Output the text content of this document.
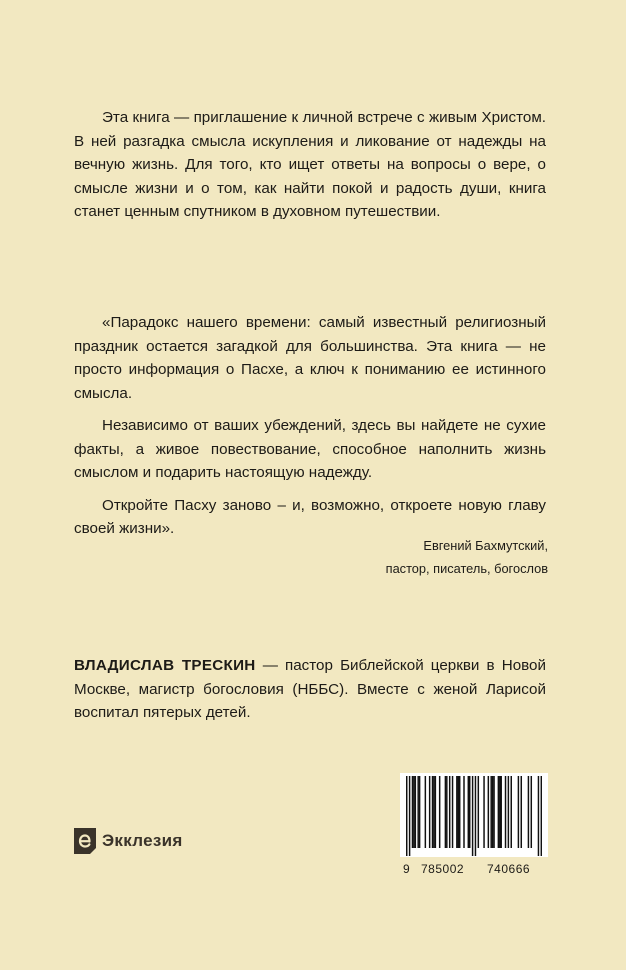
Эта книга — приглашение к личной встрече с живым Христом. В ней разгадка смысла искупления и ликование от надежды на вечную жизнь. Для того, кто ищет ответы на вопросы о вере, о смысле жизни и о том, как найти покой и радость души, книга станет ценным спутником в духовном путешествии.

«Парадокс нашего времени: самый известный религиозный праздник остается загадкой для большинства. Эта книга — не просто информация о Пасхе, а ключ к пониманию ее истинного смысла.

Независимо от ваших убеждений, здесь вы найдете не сухие факты, а живое повествование, способное наполнить жизнь смыслом и подарить настоящую надежду.

Откройте Пасху заново – и, возможно, откроете новую главу своей жизни».

Евгений Бахмутский,
пастор, писатель, богослов
ВЛАДИСЛАВ ТРЕСКИН — пастор Библейской церкви в Новой Москве, магистр богословия (НББС). Вместе с женой Ларисой воспитал пятерых детей.
Экклезия
9 785002 740666
